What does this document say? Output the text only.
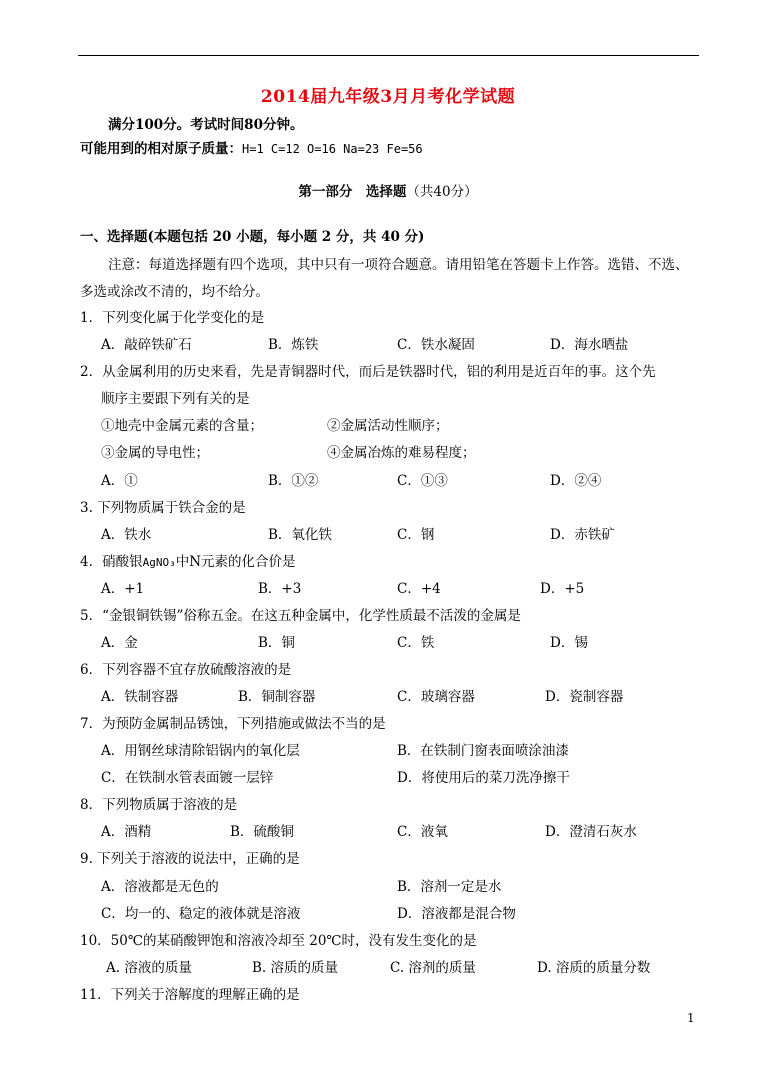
2014届九年级3月月考化学试题
满分100分。考试时间80分钟。
可能用到的相对原子质量：H=1 C=12 O=16 Na=23 Fe=56
第一部分　选择题（共40分）
一、选择题(本题包括 20 小题，每小题 2 分，共 40 分)
注意：每道选择题有四个选项，其中只有一项符合题意。请用铅笔在答题卡上作答。选错、不选、
多选或涂改不清的，均不给分。
1．下列变化属于化学变化的是
A．敲碎铁矿石	B．炼铁	C．铁水凝固	D．海水晒盐
2．从金属利用的历史来看，先是青铜器时代，而后是铁器时代，铝的利用是近百年的事。这个先
顺序主要跟下列有关的是
①地壳中金属元素的含量；	②金属活动性顺序；
③金属的导电性；	④金属冶炼的难易程度；
A．①	B．①②	C．①③	D．②④
3. 下列物质属于铁合金的是
A．铁水	B．氧化铁	C．钢	D．赤铁矿
4．硝酸银AgNO₃中N元素的化合价是
A．+1	B．+3	C．+4	D．+5
5．“金银铜铁锡”俗称五金。在这五种金属中，化学性质最不活泼的金属是
A．金	B．铜	C．铁	D．锡
6．下列容器不宜存放硫酸溶液的是
A．铁制容器	B．铜制容器	C．玻璃容器	D．瓷制容器
7．为预防金属制品锈蚀，下列措施或做法不当的是
A．用钢丝球清除铝锅内的氧化层	B．在铁制门窗表面喷涂油漆
C．在铁制水管表面镀一层锌	D．将使用后的菜刀洗净擦干
8．下列物质属于溶液的是
A．酒精	B．硫酸铜	C．液氧	D．澄清石灰水
9. 下列关于溶液的说法中，正确的是
A．溶液都是无色的	B．溶剂一定是水
C．均一的、稳定的液体就是溶液	D．溶液都是混合物
10．50℃的某硝酸钾饱和溶液冷却至 20℃时，没有发生变化的是
A. 溶液的质量	B. 溶质的质量	C. 溶剂的质量	D. 溶质的质量分数
11．下列关于溶解度的理解正确的是
1
